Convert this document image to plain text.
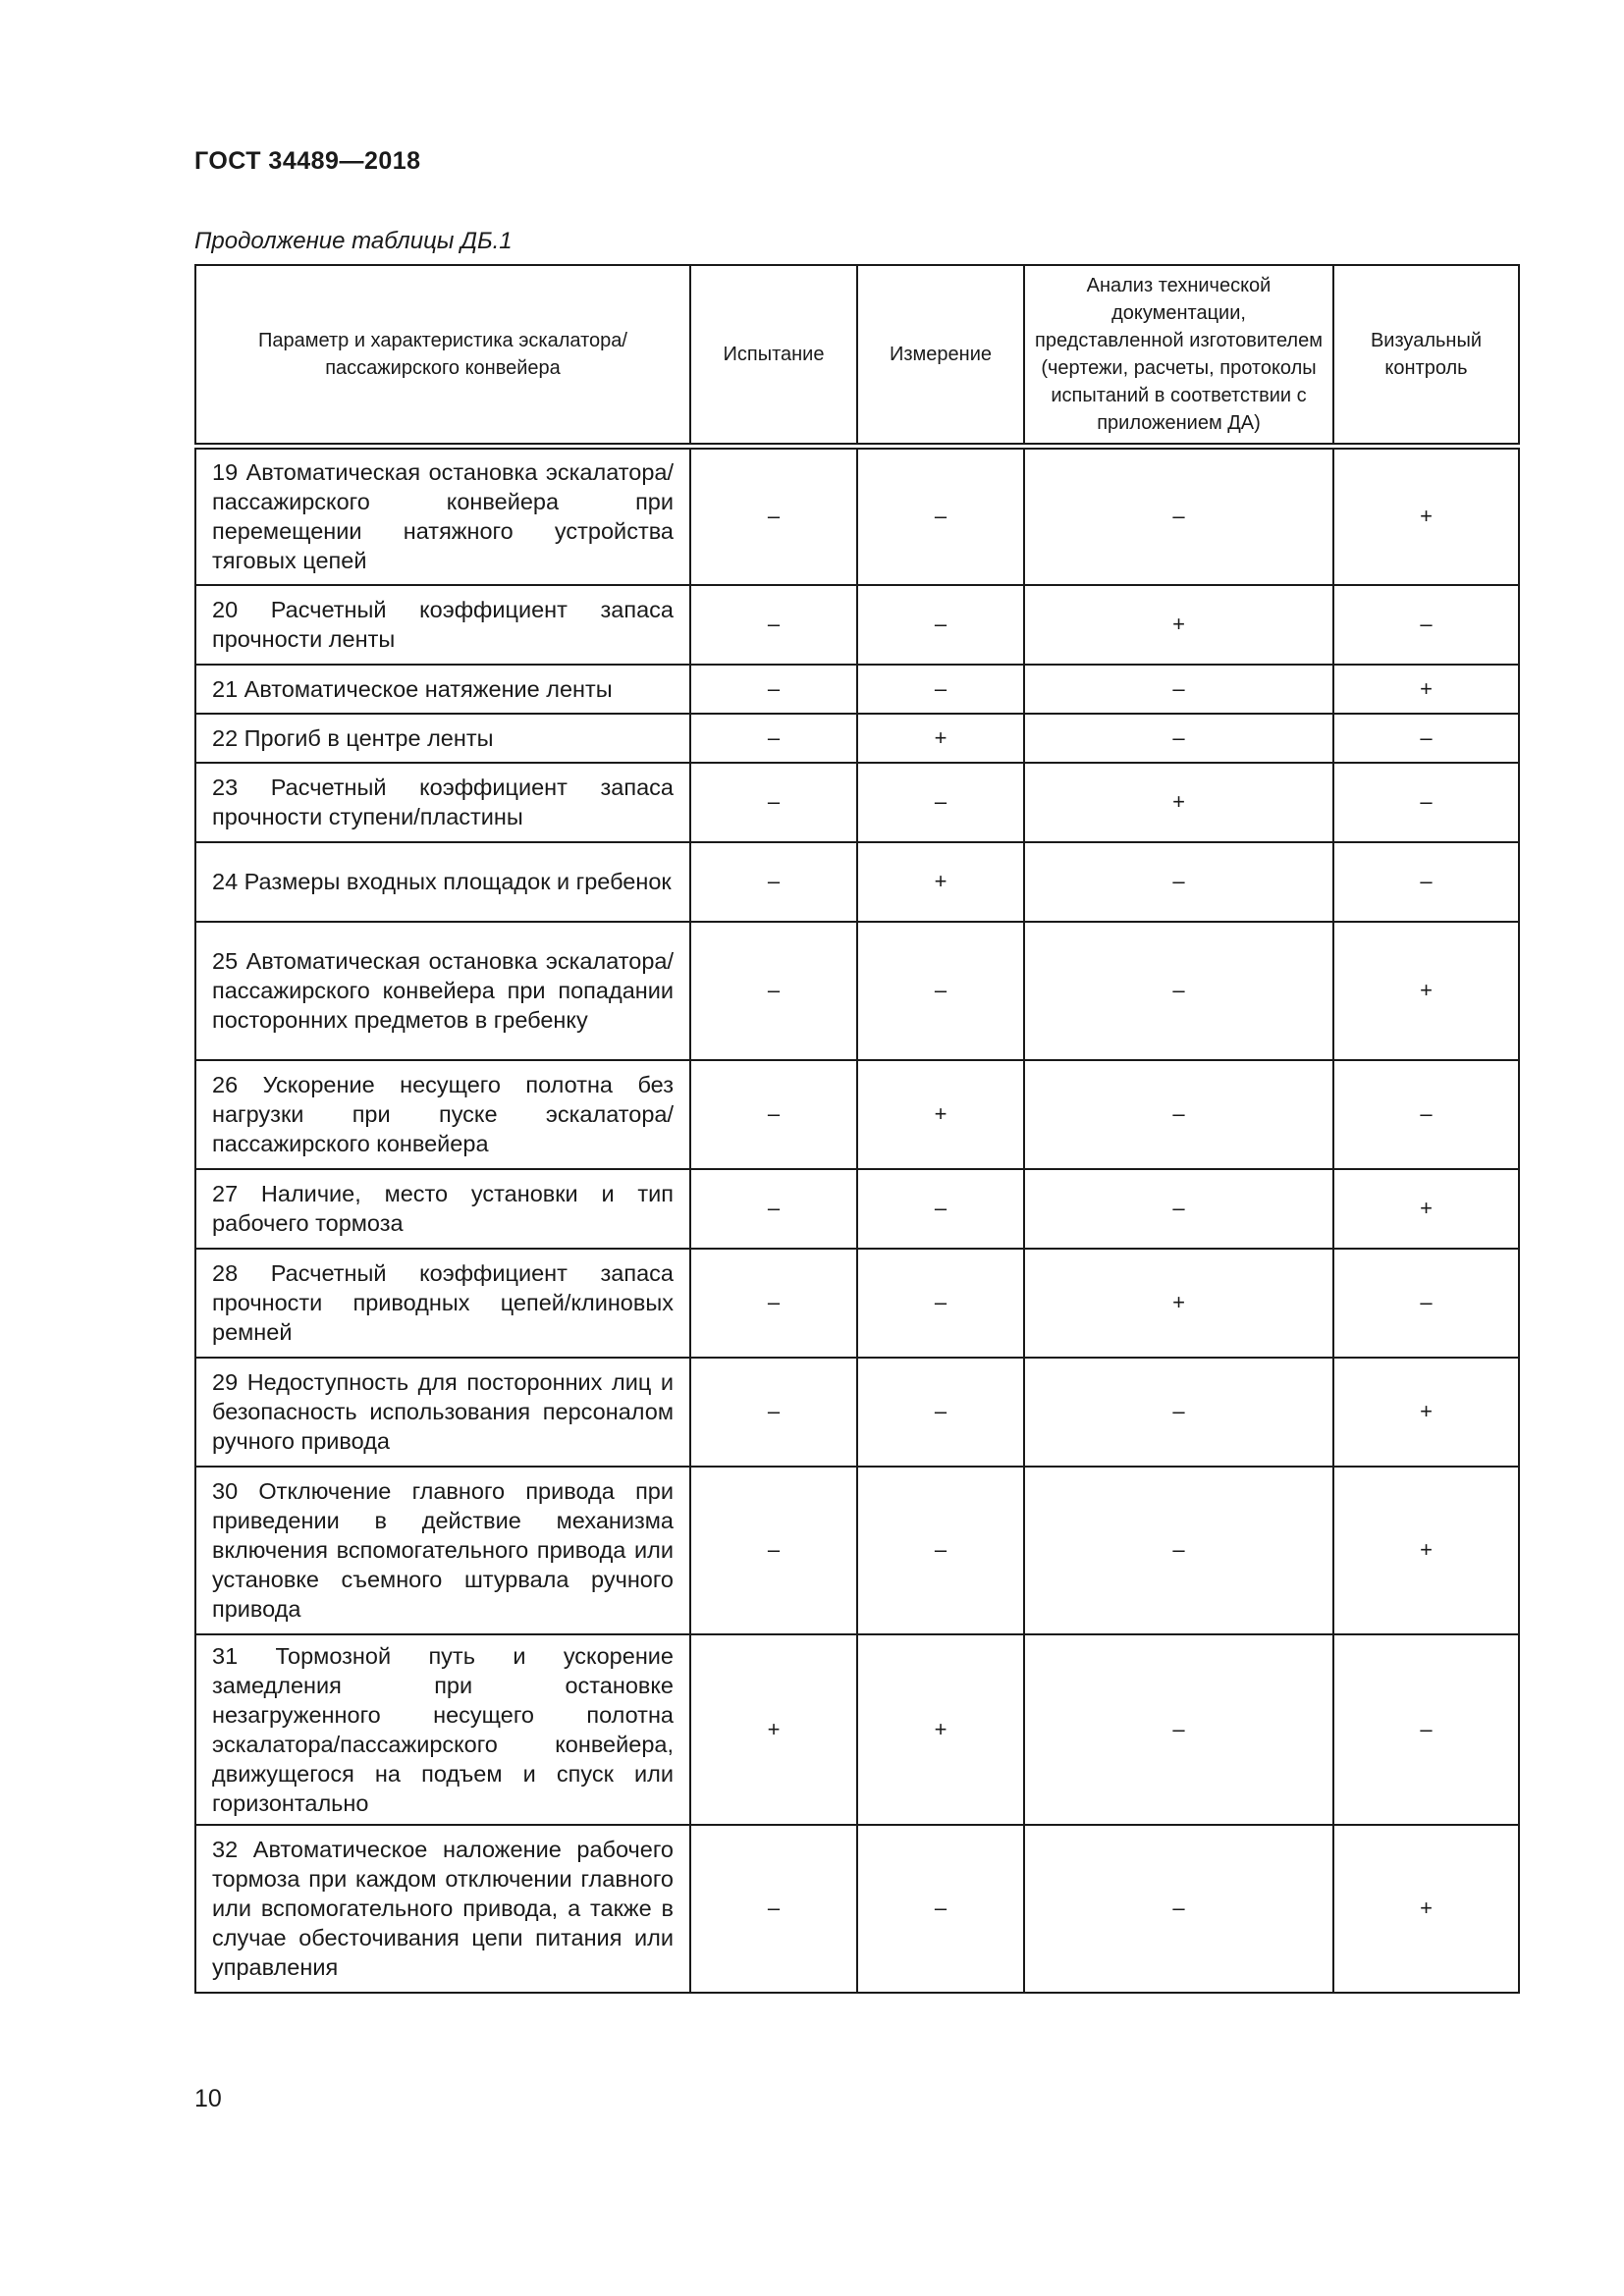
ГОСТ 34489—2018
Продолжение таблицы ДБ.1
Параметр и характеристика эскалатора/пассажирского конвейера	Испытание	Измерение	Анализ технической документации, представленной изготовителем (чертежи, расчеты, протоколы испытаний в соответствии с приложением ДА)	Визуальный контроль
19 Автоматическая остановка эскалатора/пассажирского конвейера при перемещении натяжного устройства тяговых цепей	–	–	–	+
20 Расчетный коэффициент запаса прочности ленты	–	–	+	–
21 Автоматическое натяжение ленты	–	–	–	+
22 Прогиб в центре ленты	–	+	–	–
23 Расчетный коэффициент запаса прочности ступени/пластины	–	–	+	–
24 Размеры входных площадок и гребенок	–	+	–	–
25 Автоматическая остановка эскалатора/пассажирского конвейера при попадании посторонних предметов в гребенку	–	–	–	+
26 Ускорение несущего полотна без нагрузки при пуске эскалатора/пассажирского конвейера	–	+	–	–
27 Наличие, место установки и тип рабочего тормоза	–	–	–	+
28 Расчетный коэффициент запаса прочности приводных цепей/клиновых ремней	–	–	+	–
29 Недоступность для посторонних лиц и безопасность использования персоналом ручного привода	–	–	–	+
30 Отключение главного привода при приведении в действие механизма включения вспомогательного привода или установке съемного штурвала ручного привода	–	–	–	+
31 Тормозной путь и ускорение замедления при остановке незагруженного несущего полотна эскалатора/пассажирского конвейера, движущегося на подъем и спуск или горизонтально	+	+	–	–
32 Автоматическое наложение рабочего тормоза при каждом отключении главного или вспомогательного привода, а также в случае обесточивания цепи питания или управления	–	–	–	+
10
